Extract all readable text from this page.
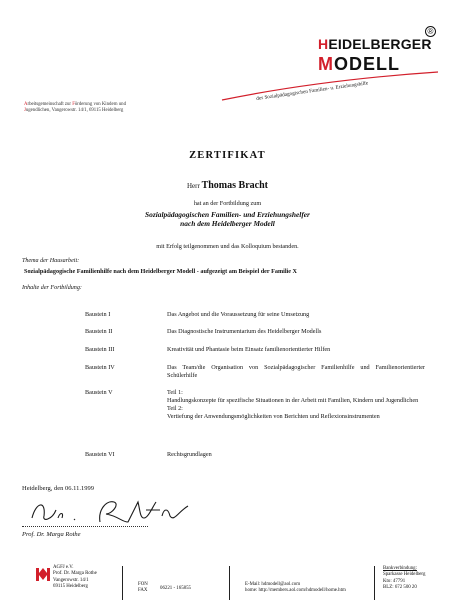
®
HEIDELBERGER
MODELL
des Sozialpädagogischen Familien- u. Erziehungshilfe
Arbeitsgemeinschaft zur Förderung von Kindern und
Jugendlichen, Vangerowstr. 14/1, 69115 Heidelberg
ZERTIFIKAT
Herr Thomas Bracht
hat an der Fortbildung zum
Sozialpädagogischen Familien- und Erziehungshelfer
nach dem Heidelberger Modell
mit Erfolg teilgenommen und das Kolloquium bestanden.
Thema der Hausarbeit:
Sozialpädagogische Familienhilfe nach dem Heidelberger Modell - aufgezeigt am Beispiel der Familie X
Inhalte der Fortbildung:
Baustein I	Das Angebot und die Voraussetzung für seine Umsetzung
Baustein II	Das Diagnostische Instrumentarium des Heidelberger Modells
Baustein III	Kreativität und Phantasie beim Einsatz familienorientierter Hilfen
Baustein IV	Das Team/die Organisation von Sozialpädagogischer Familienhilfe und Familienorientierter Schülerhilfe
Baustein V	Teil 1:
Handlungskonzepte für spezifische Situationen in der Arbeit mit Familien, Kindern und Jugendlichen
Teil 2:
Vertiefung der Anwendungsmöglichkeiten von Berichten und Reflexionsinstrumenten
Baustein VI	Rechtsgrundlagen
Heidelberg, den 06.11.1999
Prof. Dr. Marga Rothe
AGFJ e.V.
Prof. Dr. Marga Rothe
Vangerowstr. 14/1
69115 Heidelberg	FON
FAX	06221 - 165855
E-Mail: hdmodell@aol.com
home: http://members.aol.com/hdmodell/home.htm
Bankverbindung:
Sparkasse Heidelberg
Kto: 47791
BLZ: 672 500 20
